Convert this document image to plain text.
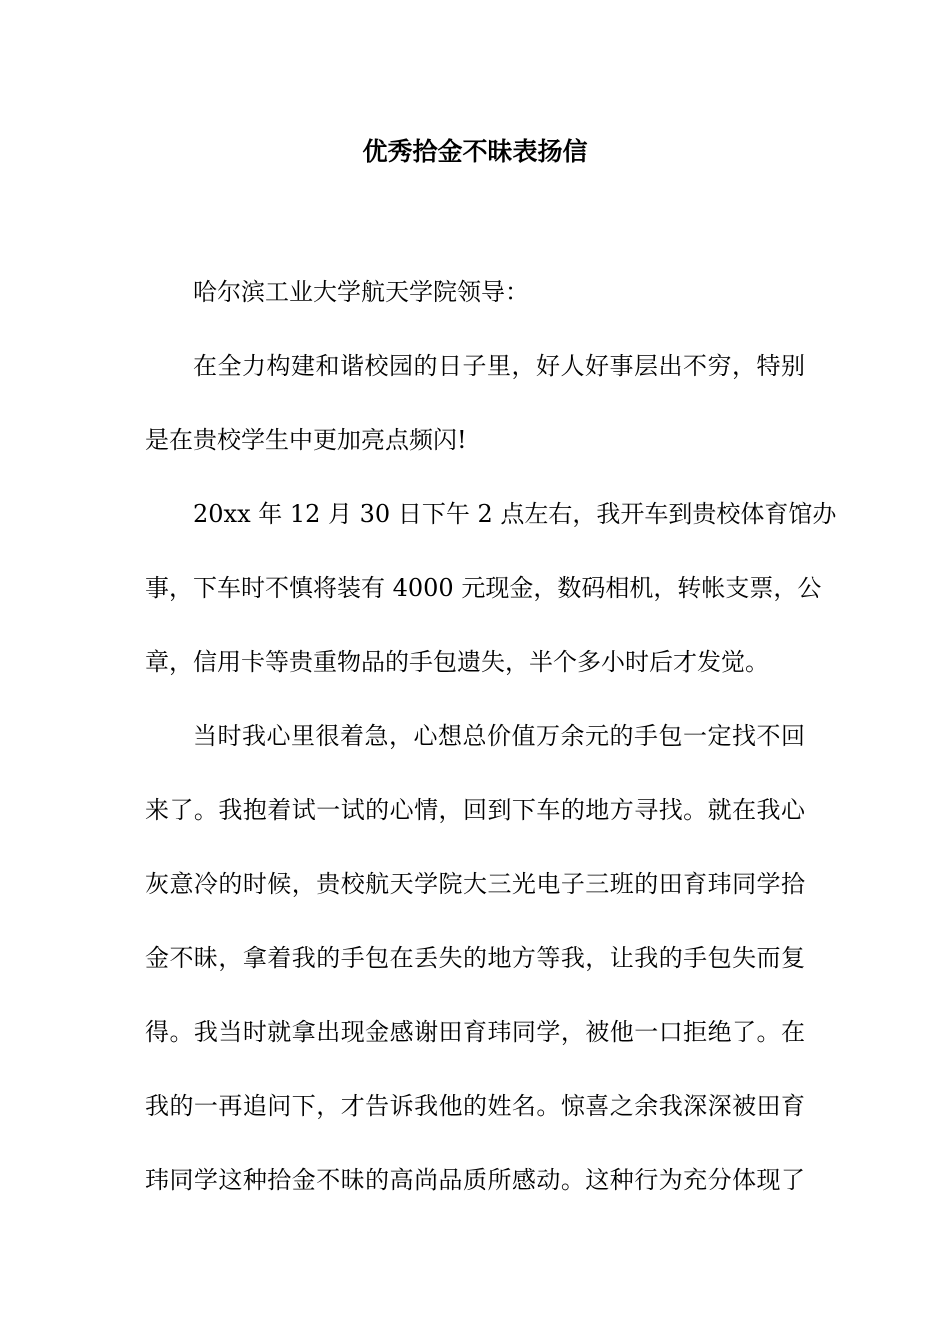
优秀拾金不昧表扬信

哈尔滨工业大学航天学院领导：

在全力构建和谐校园的日子里，好人好事层出不穷，特别

是在贵校学生中更加亮点频闪!

20xx 年 12 月 30 日下午 2 点左右，我开车到贵校体育馆办

事，下车时不慎将装有 4000 元现金，数码相机，转帐支票，公

章，信用卡等贵重物品的手包遗失，半个多小时后才发觉。

当时我心里很着急，心想总价值万余元的手包一定找不回

来了。我抱着试一试的心情，回到下车的地方寻找。就在我心

灰意冷的时候，贵校航天学院大三光电子三班的田育玮同学拾

金不昧，拿着我的手包在丢失的地方等我，让我的手包失而复

得。我当时就拿出现金感谢田育玮同学，被他一口拒绝了。在

我的一再追问下，才告诉我他的姓名。惊喜之余我深深被田育

玮同学这种拾金不昧的高尚品质所感动。这种行为充分体现了
